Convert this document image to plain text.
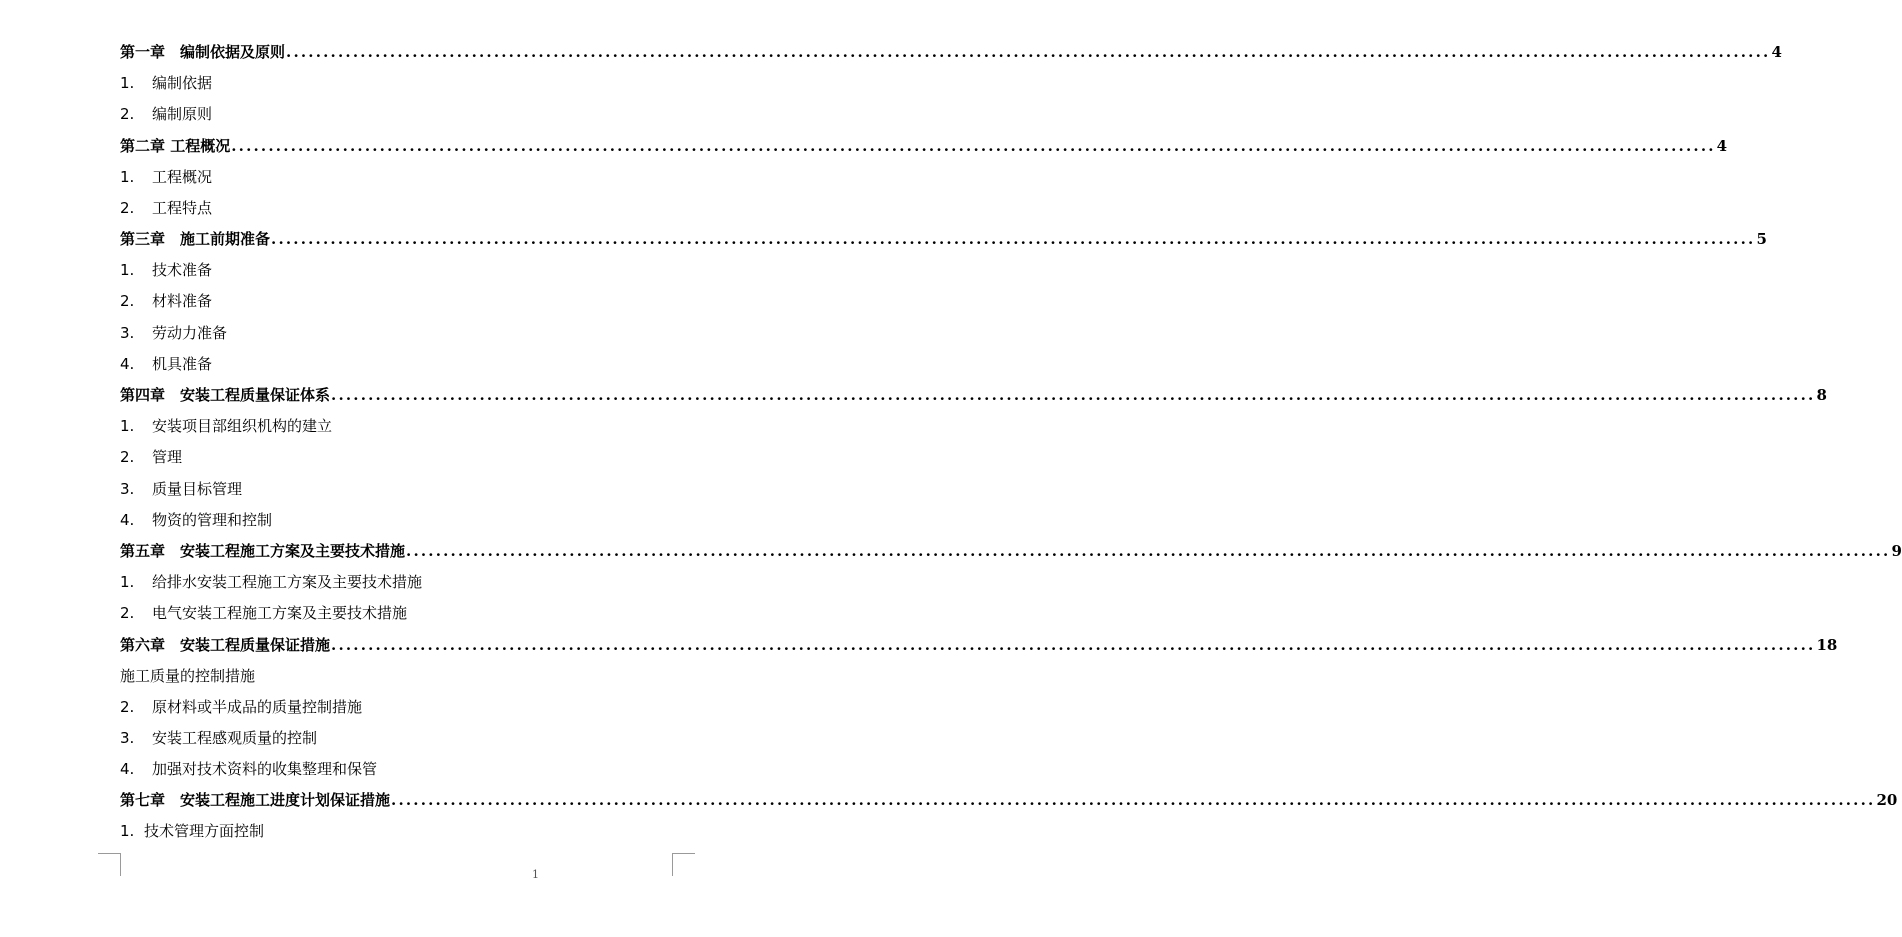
第一章　编制依据及原则 ........................................................................................................................................................................................................ 4
1. 编制依据
2. 编制原则
第二章 工程概况 ........................................................................................................................................................................................................ 4
1. 工程概况
2. 工程特点
第三章　施工前期准备 ........................................................................................................................................................................................................ 5
1. 技术准备
2. 材料准备
3. 劳动力准备
4. 机具准备
第四章　安装工程质量保证体系 ........................................................................................................................................................................................................ 8
1. 安装项目部组织机构的建立
2. 管理
3. 质量目标管理
4. 物资的管理和控制
第五章　安装工程施工方案及主要技术措施 ........................................................................................................................................................................................................ 9
1. 给排水安装工程施工方案及主要技术措施
2. 电气安装工程施工方案及主要技术措施
第六章　安装工程质量保证措施 ........................................................................................................................................................................................................ 18
施工质量的控制措施
2. 原材料或半成品的质量控制措施
3. 安装工程感观质量的控制
4. 加强对技术资料的收集整理和保管
第七章　安装工程施工进度计划保证措施 ........................................................................................................................................................................................................ 20
1. 技术管理方面控制
1
